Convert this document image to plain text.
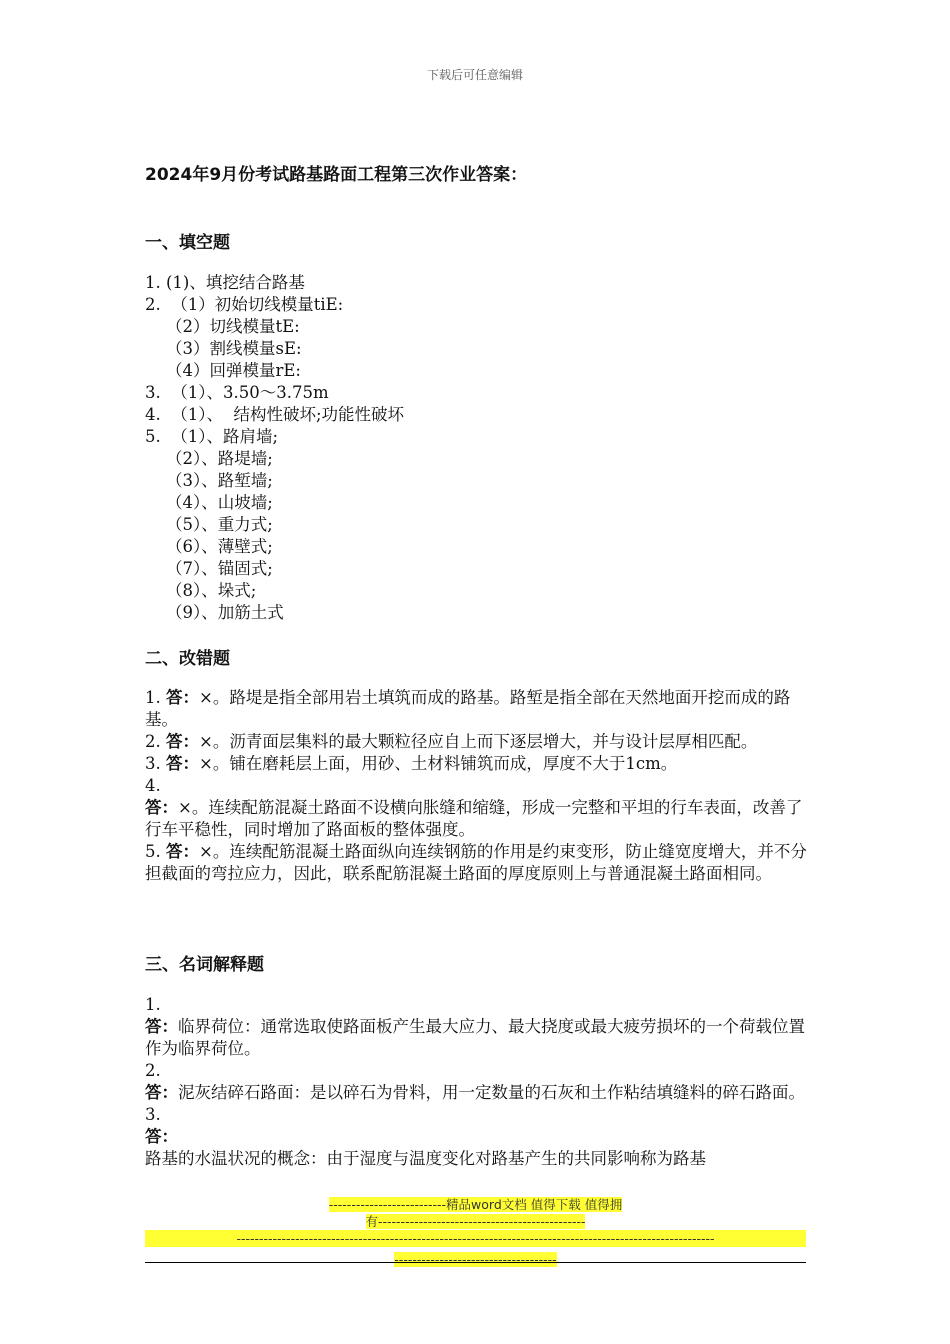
下载后可任意编辑
2024年9月份考试路基路面工程第三次作业答案：
一、填空题
1. (1)、填挖结合路基
2.  （1）初始切线模量tiE:
（2）切线模量tE:
（3）割线模量sE:
（4）回弹模量rE:
3.  （1）、3.50～3.75m
4.  （1）、  结构性破坏;功能性破坏
5.  （1）、路肩墙;
（2）、路堤墙;
（3）、路堑墙;
（4）、山坡墙;
（5）、重力式;
（6）、薄壁式;
（7）、锚固式;
（8）、垛式;
（9）、加筋土式
二、改错题
1. 答：×。路堤是指全部用岩土填筑而成的路基。路堑是指全部在天然地面开挖而成的路基。
2. 答：×。沥青面层集料的最大颗粒径应自上而下逐层增大，并与设计层厚相匹配。
3. 答：×。铺在磨耗层上面，用砂、土材料铺筑而成，厚度不大于1cm。
4.
答：×。连续配筋混凝土路面不设横向胀缝和缩缝，形成一完整和平坦的行车表面，改善了行车平稳性，同时增加了路面板的整体强度。
5. 答：×。连续配筋混凝土路面纵向连续钢筋的作用是约束变形，防止缝宽度增大，并不分担截面的弯拉应力，因此，联系配筋混凝土路面的厚度原则上与普通混凝土路面相同。
三、名词解释题
1.
答：临界荷位：通常选取使路面板产生最大应力、最大挠度或最大疲劳损坏的一个荷载位置作为临界荷位。
2.
答：泥灰结碎石路面：是以碎石为骨料，用一定数量的石灰和土作粘结填缝料的碎石路面。
3.
答：
路基的水温状况的概念：由于湿度与温度变化对路基产生的共同影响称为路基
--------------------------精品word文档 值得下载 值得拥
有----------------------------------------------
----------------------------------------------------------------------------------------------------------
------------------------------------
